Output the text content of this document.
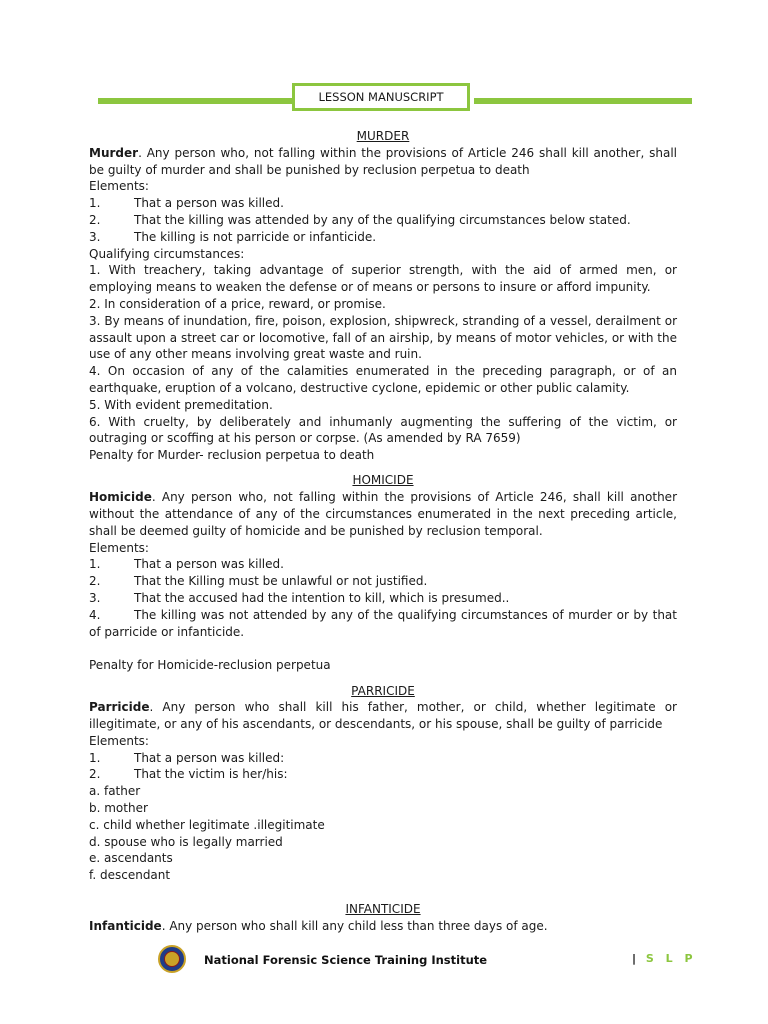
LESSON MANUSCRIPT

MURDER

Murder. Any person who, not falling within the provisions of Article 246 shall kill another, shall be guilty of murder and shall be punished by reclusion perpetua to death

Elements:

1.	That a person was killed.
2.	That the killing was attended by any of the qualifying circumstances below stated.
3.	The killing is not parricide or infanticide.

Qualifying circumstances:

1. With treachery, taking advantage of superior strength, with the aid of armed men, or employing means to weaken the defense or of means or persons to insure or afford impunity.

2. In consideration of a price, reward, or promise.

3. By means of inundation, fire, poison, explosion, shipwreck, stranding of a vessel, derailment or assault upon a street car or locomotive, fall of an airship, by means of motor vehicles, or with the use of any other means involving great waste and ruin.

4. On occasion of any of the calamities enumerated in the preceding paragraph, or of an earthquake, eruption of a volcano, destructive cyclone, epidemic or other public calamity.

5. With evident premeditation.

6. With cruelty, by deliberately and inhumanly augmenting the suffering of the victim, or outraging or scoffing at his person or corpse. (As amended by RA 7659)

Penalty for Murder- reclusion perpetua to death

HOMICIDE

Homicide. Any person who, not falling within the provisions of Article 246, shall kill another without the attendance of any of the circumstances enumerated in the next preceding article, shall be deemed guilty of homicide and be punished by reclusion temporal.

Elements:

1.	That a person was killed.
2.	That the Killing must be unlawful or not justified.
3.	That the accused had the intention to kill, which is presumed..

4.	The killing was not attended by any of the qualifying circumstances of murder or by that of parricide or infanticide.

Penalty for Homicide-reclusion perpetua

PARRICIDE

Parricide. Any person who shall kill his father, mother, or child, whether legitimate or illegitimate, or any of his ascendants, or descendants, or his spouse, shall be guilty of parricide

Elements:

1.	That a person was killed:
2.	That the victim is her/his:

a. father

b. mother

c. child whether legitimate .illegitimate

d. spouse who is legally married

e. ascendants

f. descendant

INFANTICIDE

Infanticide. Any person who shall kill any child less than three days of age.

National Forensic Science Training Institute	| S L P
